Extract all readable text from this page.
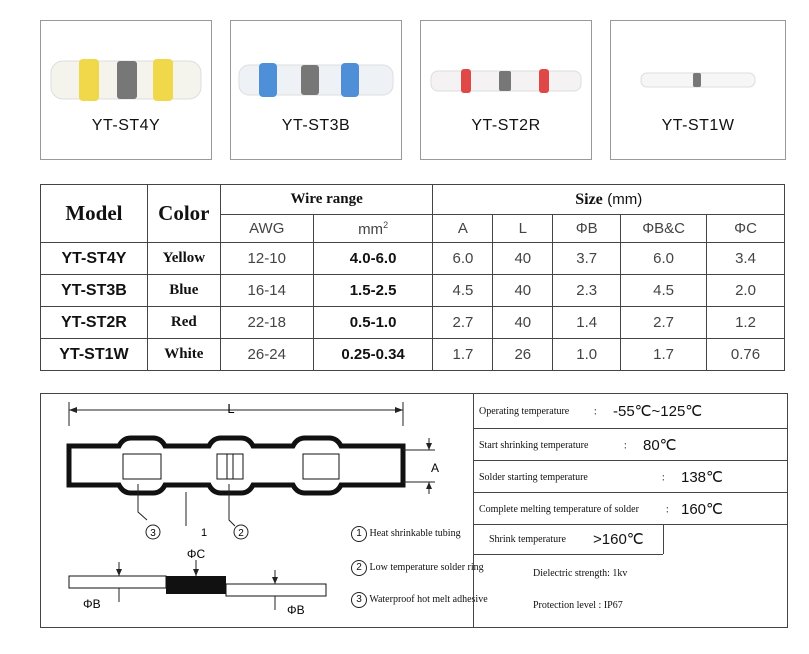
YT-ST4Y	YT-ST3B	YT-ST2R	YT-ST1W
Model	Color	Wire range		Size (mm)				
		AWG	$mm^2$	A	L	ΦB	ΦB&C	ΦC
YT-ST4Y	Yellow	12-10	4.0-6.0	6.0	40	3.7	6.0	3.4
YT-ST3B	Blue	16-14	1.5-2.5	4.5	40	2.3	4.5	2.0
YT-ST2R	Red	22-18	0.5-1.0	2.7	40	1.4	2.7	1.2
YT-ST1W	White	26-24	0.25-0.34	1.7	26	1.0	1.7	0.76
L
A
3	1	2
ΦC
ΦB	ΦB
1 Heat shrinkable tubing
2 Low temperature solder ring
3 Waterproof hot melt adhesive
Operating temperature ： -55℃~125℃
Start shrinking temperature	： 80℃
Solder starting temperature	： 138℃
Complete melting temperature of solder	： 160℃
Shrink temperature >160℃
Dielectric strength: 1kv
Protection level : IP67
